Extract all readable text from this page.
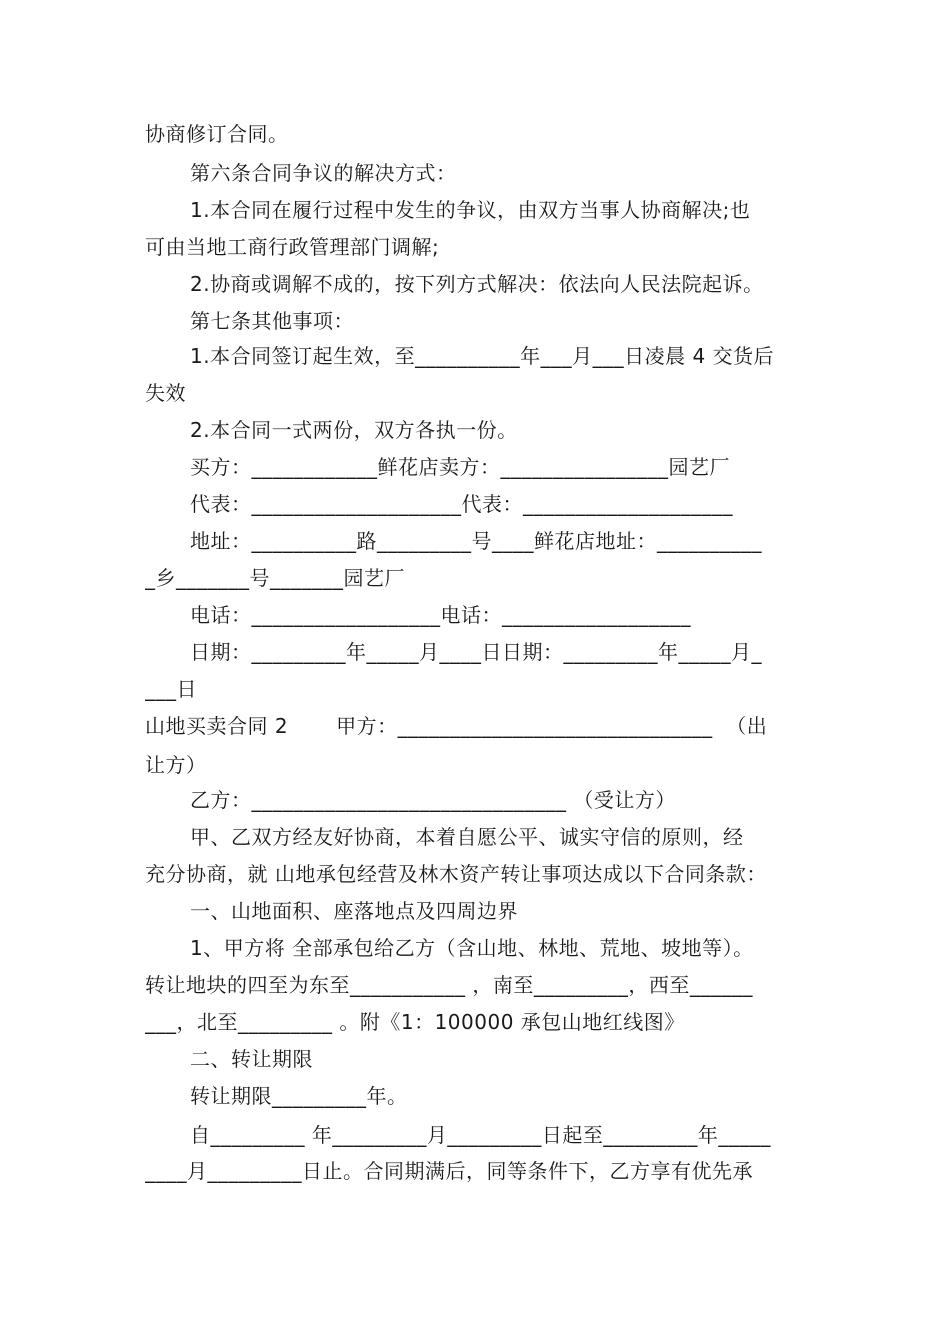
协商修订合同。
第六条合同争议的解决方式：
1.本合同在履行过程中发生的争议，由双方当事人协商解决;也
可由当地工商行政管理部门调解;
2.协商或调解不成的，按下列方式解决：依法向人民法院起诉。
第七条其他事项：
1.本合同签订起生效，至__________年___月___日凌晨 4 交货后
失效
2.本合同一式两份，双方各执一份。
买方：____________鲜花店卖方：________________园艺厂
代表：____________________代表：____________________
地址：__________路_________号____鲜花店地址：__________
_乡_______号_______园艺厂
电话：__________________电话：__________________
日期：_________年_____月____日日期：_________年_____月_
___日
山地买卖合同 2       甲方：______________________________  （出
让方）
乙方：______________________________ （受让方）
甲、乙双方经友好协商，本着自愿公平、诚实守信的原则，经
充分协商，就 山地承包经营及林木资产转让事项达成以下合同条款：
一、山地面积、座落地点及四周边界
1、甲方将 全部承包给乙方（含山地、林地、荒地、坡地等）。
转让地块的四至为东至___________ ，南至_________，西至______
___，北至_________ 。附《1：100000 承包山地红线图》
二、转让期限
转让期限_________年。
自_________ 年_________月_________日起至_________年_____
____月_________日止。合同期满后，同等条件下，乙方享有优先承
